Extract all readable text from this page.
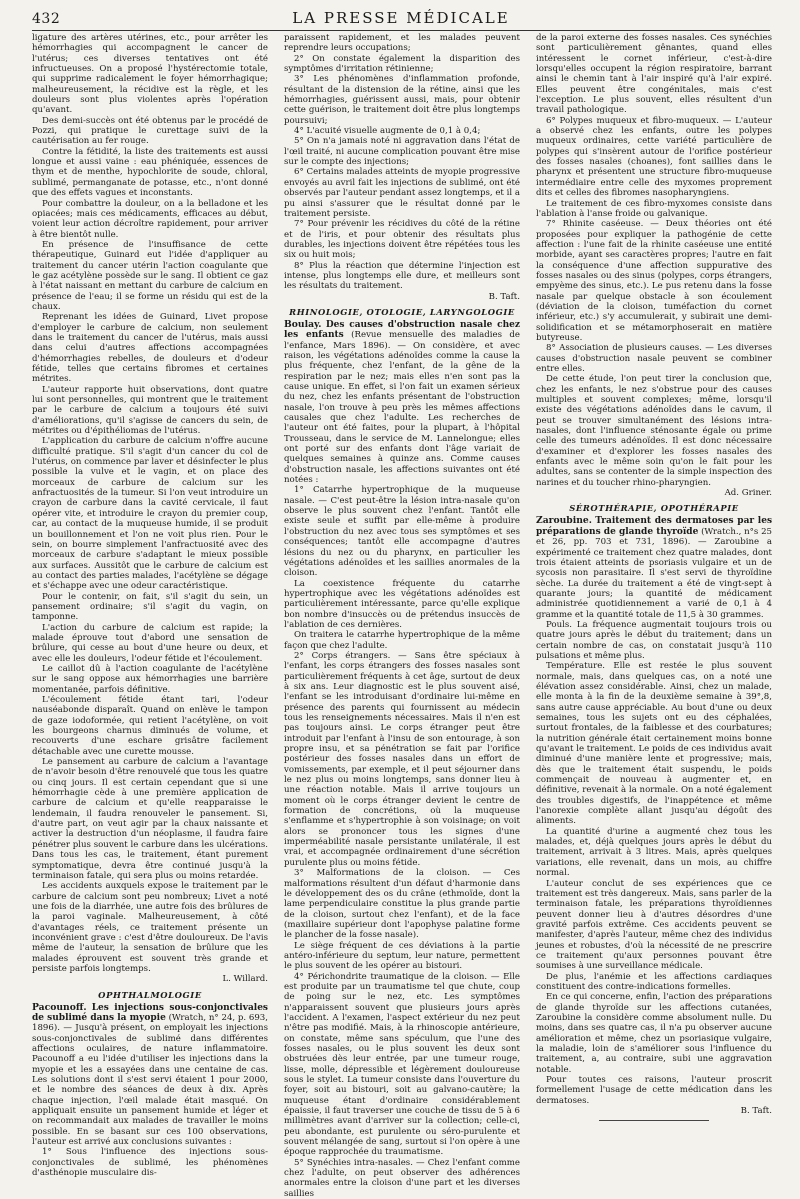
432	LA PRESSE MÉDICALE

ligature des artères utérines, etc., pour arrêter les hémorrhagies qui accompagnent le cancer de l'utérus; ces diverses tentatives ont été infructueuses. On a proposé l'hystérectomie totale, qui supprime radicalement le foyer hémorrhagique; malheureusement, la récidive est la règle, et les douleurs sont plus violentes après l'opération qu'avant.

Des demi-succès ont été obtenus par le procédé de Pozzi, qui pratique le curettage suivi de la cautérisation au fer rouge.

Contre la fétidité, la liste des traitements est aussi longue et aussi vaine : eau phéniquée, essences de thym et de menthe, hypochlorite de soude, chloral, sublimé, permanganate de potasse, etc., n'ont donné que des effets vagues et inconstants.

Pour combattre la douleur, on a la belladone et les opiacées; mais ces médicaments, efficaces au début, voient leur action décroître rapidement, pour arriver à être bientôt nulle.

En présence de l'insuffisance de cette thérapeutique, Guinard eut l'idée d'appliquer au traitement du cancer utérin l'action coagulante que le gaz acétylène possède sur le sang. Il obtient ce gaz à l'état naissant en mettant du carbure de calcium en présence de l'eau; il se forme un résidu qui est de la chaux.

Reprenant les idées de Guinard, Livet propose d'employer le carbure de calcium, non seulement dans le traitement du cancer de l'utérus, mais aussi dans celui d'autres affections accompagnées d'hémorrhagies rebelles, de douleurs et d'odeur fétide, telles que certains fibromes et certaines métrites.

L'auteur rapporte huit observations, dont quatre lui sont personnelles, qui montrent que le traitement par le carbure de calcium a toujours été suivi d'améliorations, qu'il s'agisse de cancers du sein, de métrites ou d'épithéliomas de l'utérus.

L'application du carbure de calcium n'offre aucune difficulté pratique. S'il s'agit d'un cancer du col de l'utérus, on commence par laver et désinfecter le plus possible la vulve et le vagin, et on place des morceaux de carbure de calcium sur les anfractuosités de la tumeur. Si l'on veut introduire un crayon de carbure dans la cavité cervicale, il faut opérer vite, et introduire le crayon du premier coup, car, au contact de la muqueuse humide, il se produit un bouillonnement et l'on ne voit plus rien. Pour le sein, on bourre simplement l'anfractuosité avec des morceaux de carbure s'adaptant le mieux possible aux surfaces. Aussitôt que le carbure de calcium est au contact des parties malades, l'acétylène se dégage et s'échappe avec une odeur caractéristique.

Pour le contenir, on fait, s'il s'agit du sein, un pansement ordinaire; s'il s'agit du vagin, on tamponne.

L'action du carbure de calcium est rapide; la malade éprouve tout d'abord une sensation de brûlure, qui cesse au bout d'une heure ou deux, et avec elle les douleurs, l'odeur fétide et l'écoulement.

Le caillot dû à l'action coagulante de l'acétylène sur le sang oppose aux hémorrhagies une barrière momentanée, parfois définitive.

L'écoulement fétide étant tari, l'odeur nauséabonde disparaît. Quand on enlève le tampon de gaze iodoformée, qui retient l'acétylène, on voit les bourgeons charnus diminués de volume, et recouverts d'une eschare grisâtre facilement détachable avec une curette mousse.

Le pansement au carbure de calcium a l'avantage de n'avoir besoin d'être renouvelé que tous les quatre ou cinq jours. Il est certain cependant que si une hémorrhagie cède à une première application de carbure de calcium et qu'elle reapparaisse le lendemain, il faudra renouveler le pansement. Si, d'autre part, on veut agir par la chaux naissante et activer la destruction d'un néoplasme, il faudra faire pénétrer plus souvent le carbure dans les ulcérations. Dans tous les cas, le traitement, étant purement symptomatique, devra être continué jusqu'à la terminaison fatale, qui sera plus ou moins retardée.

Les accidents auxquels expose le traitement par le carbure de calcium sont peu nombreux; Livet a noté une fois de la diarrhée, une autre fois des brûlures de la paroi vaginale. Malheureusement, à côté d'avantages réels, ce traitement présente un inconvénient grave : c'est d'être douloureux. De l'avis même de l'auteur, la sensation de brûlure que les malades éprouvent est souvent très grande et persiste parfois longtemps.

L. Willard.

OPHTHALMOLOGIE

Pacounoff. Les injections sous-conjonctivales de sublimé dans la myopie (Wratch, n° 24, p. 693, 1896). — Jusqu'à présent, on employait les injections sous-conjonctivales de sublimé dans différentes affections oculaires, de nature inflammatoire. Pacounoff a eu l'idée d'utiliser les injections dans la myopie et les a essayées dans une centaine de cas. Les solutions dont il s'est servi étaient 1 pour 2000, et le nombre des séances de deux à dix. Après chaque injection, l'œil malade était masqué. On appliquait ensuite un pansement humide et léger et on recommandait aux malades de travailler le moins possible. En se basant sur ces 100 observations, l'auteur est arrivé aux conclusions suivantes :

1° Sous l'influence des injections sous-conjonctivales de sublimé, les phénomènes d'asthénopie musculaire dis-

paraissent rapidement, et les malades peuvent reprendre leurs occupations;

2° On constate également la disparition des symptômes d'irritation rétinienne;

3° Les phénomènes d'inflammation profonde, résultant de la distension de la rétine, ainsi que les hémorrhagies, guérissent aussi, mais, pour obtenir cette guérison, le traitement doit être plus longtemps poursuivi;

4° L'acuité visuelle augmente de 0,1 à 0,4;

5° On n'a jamais noté ni aggravation dans l'état de l'œil traité, ni aucune complication pouvant être mise sur le compte des injections;

6° Certains malades atteints de myopie progressive envoyés au avril fait les injections de sublimé, ont été observés par l'auteur pendant assez longtemps, et il a pu ainsi s'assurer que le résultat donné par le traitement persiste.

7° Pour prévenir les récidives du côté de la rétine et de l'iris, et pour obtenir des résultats plus durables, les injections doivent être répétées tous les six ou huit mois;

8° Plus la réaction que détermine l'injection est intense, plus longtemps elle dure, et meilleurs sont les résultats du traitement.

B. Taft.

RHINOLOGIE, OTOLOGIE, LARYNGOLOGIE

Boulay. Des causes d'obstruction nasale chez les enfants (Revue mensuelle des maladies de l'enfance, Mars 1896). — On considère, et avec raison, les végétations adénoïdes comme la cause la plus fréquente, chez l'enfant, de la gêne de la respiration par le nez; mais elles n'en sont pas la cause unique. En effet, si l'on fait un examen sérieux du nez, chez les enfants présentant de l'obstruction nasale, l'on trouve à peu près les mêmes affections causales que chez l'adulte. Les recherches de l'auteur ont été faites, pour la plupart, à l'hôpital Trousseau, dans le service de M. Lannelongue; elles ont porté sur des enfants dont l'âge variait de quelques semaines à quinze ans. Comme causes d'obstruction nasale, les affections suivantes ont été notées :

1° Catarrhe hypertrophique de la muqueuse nasale. — C'est peut-être la lésion intra-nasale qu'on observe le plus souvent chez l'enfant. Tantôt elle existe seule et suffit par elle-même à produire l'obstruction du nez avec tous ses symptômes et ses conséquences; tantôt elle accompagne d'autres lésions du nez ou du pharynx, en particulier les végétations adénoïdes et les saillies anormales de la cloison.

La coexistence fréquente du catarrhe hypertrophique avec les végétations adénoïdes est particulièrement intéressante, parce qu'elle explique bon nombre d'insuccès ou de prétendus insuccès de l'ablation de ces dernières.

On traitera le catarrhe hypertrophique de la même façon que chez l'adulte.

2° Corps étrangers. — Sans être spéciaux à l'enfant, les corps étrangers des fosses nasales sont particulièrement fréquents à cet âge, surtout de deux à six ans. Leur diagnostic est le plus souvent aisé, l'enfant se les introduisant d'ordinaire lui-même en présence des parents qui fournissent au médecin tous les renseignements nécessaires. Mais il n'en est pas toujours ainsi. Le corps étranger peut être introduit par l'enfant à l'insu de son entourage, à son propre insu, et sa pénétration se fait par l'orifice postérieur des fosses nasales dans un effort de vomissements, par exemple, et il peut séjourner dans le nez plus ou moins longtemps, sans donner lieu à une réaction notable. Mais il arrive toujours un moment où le corps étranger devient le centre de formation de concrétions, où la muqueuse s'enflamme et s'hypertrophie à son voisinage; on voit alors se prononcer tous les signes d'une imperméabilité nasale persistante unilatérale, il est vrai, et accompagnée ordinairement d'une sécrétion purulente plus ou moins fétide.

3° Malformations de la cloison. — Ces malformations résultent d'un défaut d'harmonie dans le développement des os du crâne (ethmoïde, dont la lame perpendiculaire constitue la plus grande partie de la cloison, surtout chez l'enfant), et de la face (maxillaire supérieur dont l'apophyse palatine forme le plancher de la fosse nasale).

Le siège fréquent de ces déviations à la partie antéro-inférieure du septum, leur nature, permettent le plus souvent de les opérer au bistouri.

4° Périchondrite traumatique de la cloison. — Elle est produite par un traumatisme tel que chute, coup de poing sur le nez, etc. Les symptômes n'apparaissent souvent que plusieurs jours après l'accident. A l'examen, l'aspect extérieur du nez peut n'être pas modifié. Mais, à la rhinoscopie antérieure, on constate, même sans spéculum, que l'une des fosses nasales, ou le plus souvent les deux sont obstruées dès leur entrée, par une tumeur rouge, lisse, molle, dépressible et légèrement douloureuse sous le stylet. La tumeur consiste dans l'ouverture du foyer, soit au bistouri, soit au galvano-cautère; la muqueuse étant d'ordinaire considérablement épaissie, il faut traverser une couche de tissu de 5 à 6 millimètres avant d'arriver sur la collection; celle-ci, peu abondante, est purulente ou séro-purulente et souvent mélangée de sang, surtout si l'on opère à une époque rapprochée du traumatisme.

5° Synéchies intra-nasales. — Chez l'enfant comme chez l'adulte, on peut observer des adhérences anormales entre la cloison d'une part et les diverses saillies

de la paroi externe des fosses nasales. Ces synéchies sont particulièrement gênantes, quand elles intéressent le cornet inférieur, c'est-à-dire lorsqu'elles occupent la région respiratoire, barrant ainsi le chemin tant à l'air inspiré qu'à l'air expiré. Elles peuvent être congénitales, mais c'est l'exception. Le plus souvent, elles résultent d'un travail pathologique.

6° Polypes muqueux et fibro-muqueux. — L'auteur a observé chez les enfants, outre les polypes muqueux ordinaires, cette variété particulière de polypes qui s'insèrent autour de l'orifice postérieur des fosses nasales (choanes), font saillies dans le pharynx et présentent une structure fibro-muqueuse intermédiaire entre celle des myxomes proprement dits et celles des fibromes nasopharyngiens.

Le traitement de ces fibro-myxomes consiste dans l'ablation à l'anse froide ou galvanique.

7° Rhinite caséeuse. — Deux théories ont été proposées pour expliquer la pathogénie de cette affection : l'une fait de la rhinite caséeuse une entité morbide, ayant ses caractères propres; l'autre en fait la conséquence d'une affection suppurative des fosses nasales ou des sinus (polypes, corps étrangers, empyème des sinus, etc.). Le pus retenu dans la fosse nasale par quelque obstacle à son écoulement (déviation de la cloison, tuméfaction du cornet inférieur, etc.) s'y accumulerait, y subirait une demi-solidification et se métamorphoserait en matière butyreuse.

8° Association de plusieurs causes. — Les diverses causes d'obstruction nasale peuvent se combiner entre elles.

De cette étude, l'on peut tirer la conclusion que, chez les enfants, le nez s'obstrue pour des causes multiples et souvent complexes; même, lorsqu'il existe des végétations adénoïdes dans le cavum, il peut se trouver simultanément des lésions intra-nasales, dont l'influence sténosante égale ou prime celle des tumeurs adénoïdes. Il est donc nécessaire d'examiner et d'explorer les fosses nasales des enfants avec le même soin qu'on le fait pour les adultes, sans se contenter de la simple inspection des narines et du toucher rhino-pharyngien.

Ad. Griner.

SÉROTHÉRAPIE, OPOTHÉRAPIE

Zaroubine. Traitement des dermatoses par les préparations de glande thyroïde (Wratch., n°s 25 et 26, pp. 703 et 731, 1896). — Zaroubine a expérimenté ce traitement chez quatre malades, dont trois étaient atteints de psoriasis vulgaire et un de sycosis non parasitaire. Il s'est servi de thyroïdine sèche. La durée du traitement a été de vingt-sept à quarante jours; la quantité de médicament administrée quotidiennement a varié de 0,1 à 4 gramme et la quantité totale de 11,5 à 30 grammes.

Pouls. La fréquence augmentait toujours trois ou quatre jours après le début du traitement; dans un certain nombre de cas, on constatait jusqu'à 110 pulsations et même plus.

Température. Elle est restée le plus souvent normale, mais, dans quelques cas, on a noté une élévation assez considérable. Ainsi, chez un malade, elle monta à la fin de la deuxième semaine à 39°,8, sans autre cause appréciable. Au bout d'une ou deux semaines, tous les sujets ont eu des céphalées, surtout frontales, de la faiblesse et des courbatures; la nutrition générale était certainement moins bonne qu'avant le traitement. Le poids de ces individus avait diminué d'une manière lente et progressive; mais, dès que le traitement était suspendu, le poids commençait de nouveau à augmenter et, en définitive, revenait à la normale. On a noté également des troubles digestifs, de l'inappétence et même l'anorexie complète allant jusqu'au dégoût des aliments.

La quantité d'urine a augmenté chez tous les malades, et, déjà quelques jours après le début du traitement, arrivait à 3 litres. Mais, après quelques variations, elle revenait, dans un mois, au chiffre normal.

L'auteur conclut de ses expériences que ce traitement est très dangereux. Mais, sans parler de la terminaison fatale, les préparations thyroïdiennes peuvent donner lieu à d'autres désordres d'une gravité parfois extrême. Ces accidents peuvent se manifester, d'après l'auteur, même chez des individus jeunes et robustes, d'où la nécessité de ne prescrire ce traitement qu'aux personnes pouvant être soumises à une surveillance médicale.

De plus, l'anémie et les affections cardiaques constituent des contre-indications formelles.

En ce qui concerne, enfin, l'action des préparations de glande thyroïde sur les affections cutanées, Zaroubine la considère comme absolument nulle. Du moins, dans ses quatre cas, il n'a pu observer aucune amélioration et même, chez un psoriasique vulgaire, la maladie, loin de s'améliorer sous l'influence du traitement, a, au contraire, subi une aggravation notable.

Pour toutes ces raisons, l'auteur proscrit formellement l'usage de cette médication dans les dermatoses.

B. Taft.
